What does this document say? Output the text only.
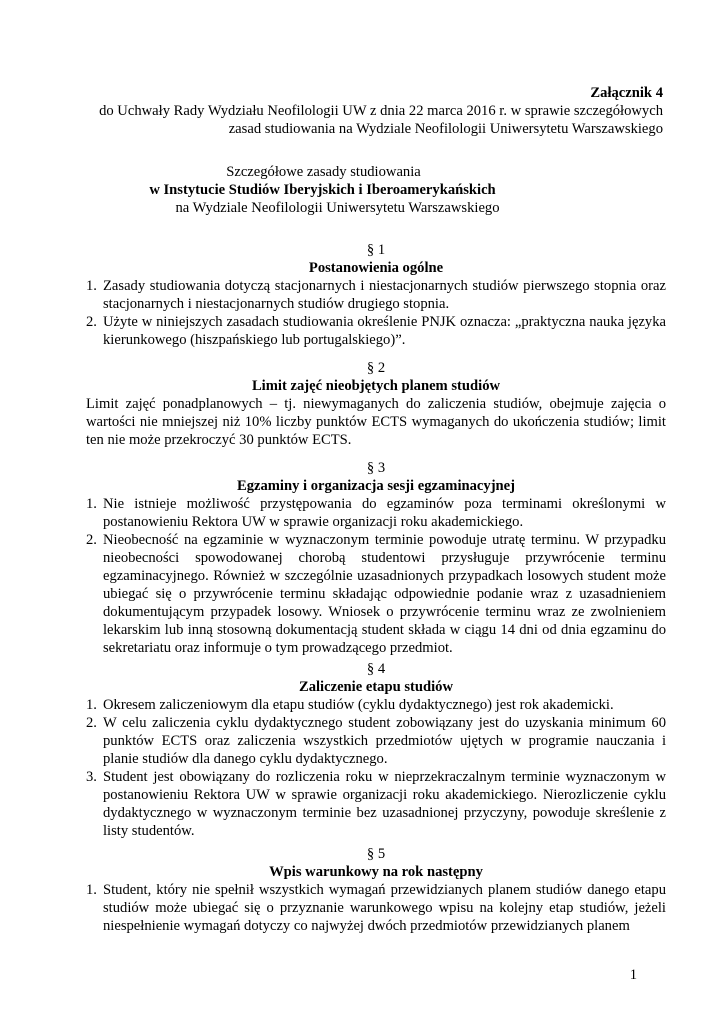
Załącznik 4
do Uchwały Rady Wydziału Neofilologii UW z dnia 22 marca 2016 r. w sprawie szczegółowych
zasad studiowania na Wydziale Neofilologii Uniwersytetu Warszawskiego
Szczegółowe zasady studiowania
w Instytucie Studiów Iberyjskich i Iberoamerykańskich
na Wydziale Neofilologii Uniwersytetu Warszawskiego
§ 1
Postanowienia ogólne
1. Zasady studiowania dotyczą stacjonarnych i niestacjonarnych studiów pierwszego stopnia oraz stacjonarnych i niestacjonarnych studiów drugiego stopnia.
2. Użyte w niniejszych zasadach studiowania określenie PNJK oznacza: „praktyczna nauka języka kierunkowego (hiszpańskiego lub portugalskiego)”.
§ 2
Limit zajęć nieobjętych planem studiów
Limit zajęć ponadplanowych – tj. niewymaganych do zaliczenia studiów, obejmuje zajęcia o wartości nie mniejszej niż 10% liczby punktów ECTS wymaganych do ukończenia studiów; limit ten nie może przekroczyć 30 punktów ECTS.
§ 3
Egzaminy i organizacja sesji egzaminacyjnej
1. Nie istnieje możliwość przystępowania do egzaminów poza terminami określonymi w postanowieniu Rektora UW w sprawie organizacji roku akademickiego.
2. Nieobecność na egzaminie w wyznaczonym terminie powoduje utratę terminu. W przypadku nieobecności spowodowanej chorobą studentowi przysługuje przywrócenie terminu egzaminacyjnego. Również w szczególnie uzasadnionych przypadkach losowych student może ubiegać się o przywrócenie terminu składając odpowiednie podanie wraz z uzasadnieniem dokumentującym przypadek losowy. Wniosek o przywrócenie terminu wraz ze zwolnieniem lekarskim lub inną stosowną dokumentacją student składa w ciągu 14 dni od dnia egzaminu do sekretariatu oraz informuje o tym prowadzącego przedmiot.
§ 4
Zaliczenie etapu studiów
1. Okresem zaliczeniowym dla etapu studiów (cyklu dydaktycznego) jest rok akademicki.
2. W celu zaliczenia cyklu dydaktycznego student zobowiązany jest do uzyskania minimum 60 punktów ECTS oraz zaliczenia wszystkich przedmiotów ujętych w programie nauczania i planie studiów dla danego cyklu dydaktycznego.
3. Student jest obowiązany do rozliczenia roku w nieprzekraczalnym terminie wyznaczonym w postanowieniu Rektora UW w sprawie organizacji roku akademickiego. Nierozliczenie cyklu dydaktycznego w wyznaczonym terminie bez uzasadnionej przyczyny, powoduje skreślenie z listy studentów.
§ 5
Wpis warunkowy na rok następny
1. Student, który nie spełnił wszystkich wymagań przewidzianych planem studiów danego etapu studiów może ubiegać się o przyznanie warunkowego wpisu na kolejny etap studiów, jeżeli niespełnienie wymagań dotyczy co najwyżej dwóch przedmiotów przewidzianych planem
1
